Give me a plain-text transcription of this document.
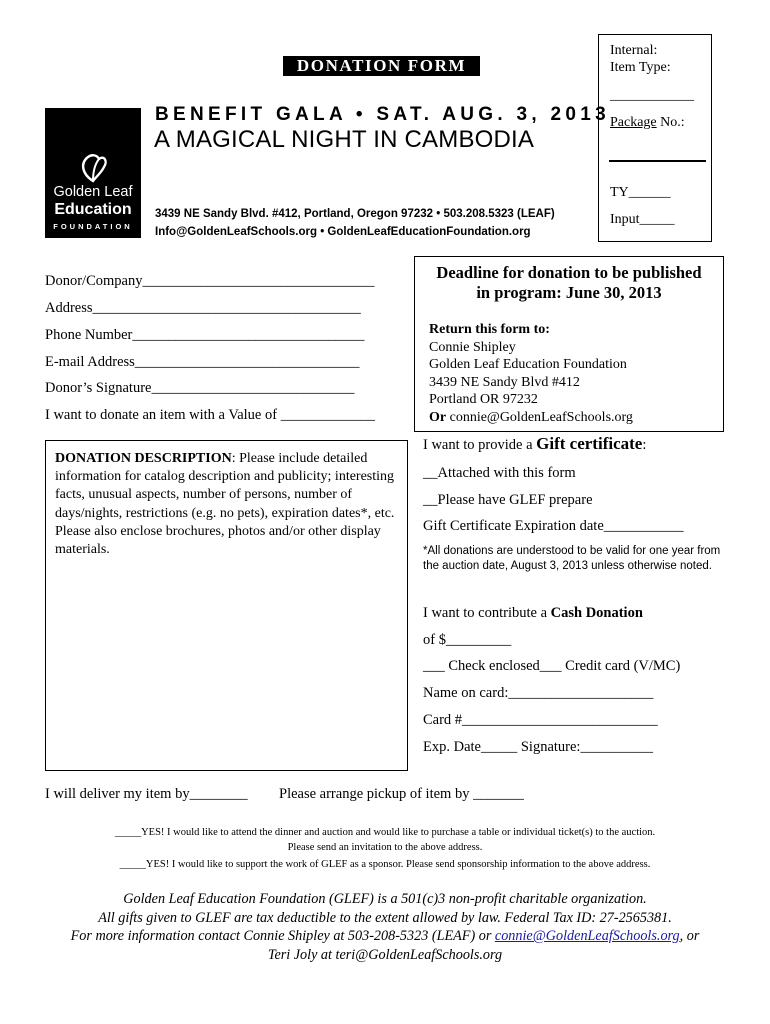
DONATION FORM
Golden Leaf
Education
FOUNDATION
BENEFIT GALA • SAT. AUG. 3, 2013
A MAGICAL NIGHT IN CAMBODIA
3439 NE Sandy Blvd. #412, Portland, Oregon 97232 • 503.208.5323 (LEAF)
Info@GoldenLeafSchools.org • GoldenLeafEducationFoundation.org
Internal:
Item Type:
____________
Package No.:
TY______
Input_____
Donor/Company________________________________
Address_____________________________________
Phone Number________________________________
E-mail Address_______________________________
Donor’s Signature____________________________
I want to donate an item with a Value of _____________
Deadline for donation to be published
in program: June 30, 2013
Return this form to:
Connie Shipley
Golden Leaf Education Foundation
3439 NE Sandy Blvd #412
Portland OR 97232
Or connie@GoldenLeafSchools.org
DONATION DESCRIPTION: Please include detailed information for catalog description and publicity; interesting facts, unusual aspects, number of persons, number of days/nights, restrictions (e.g. no pets), expiration dates*, etc. Please also enclose brochures, photos and/or other display materials.
I want to provide a Gift certificate:
__Attached with this form
__Please have GLEF prepare
Gift Certificate Expiration date___________
*All donations are understood to be valid for one year from the auction date, August 3, 2013 unless otherwise noted.
I want to contribute a Cash Donation
of $_________
___ Check enclosed___ Credit card (V/MC)
Name on card:____________________
Card #___________________________
Exp. Date_____ Signature:__________
I will deliver my item by________ Please arrange pickup of item by _______
_____YES! I would like to attend the dinner and auction and would like to purchase a table or individual ticket(s) to the auction.
Please send an invitation to the above address.
_____YES! I would like to support the work of GLEF as a sponsor. Please send sponsorship information to the above address.
Golden Leaf Education Foundation (GLEF) is a 501(c)3 non-profit charitable organization.
All gifts given to GLEF are tax deductible to the extent allowed by law. Federal Tax ID: 27-2565381.
For more information contact Connie Shipley at 503-208-5323 (LEAF) or connie@GoldenLeafSchools.org, or
Teri Joly at teri@GoldenLeafSchools.org
